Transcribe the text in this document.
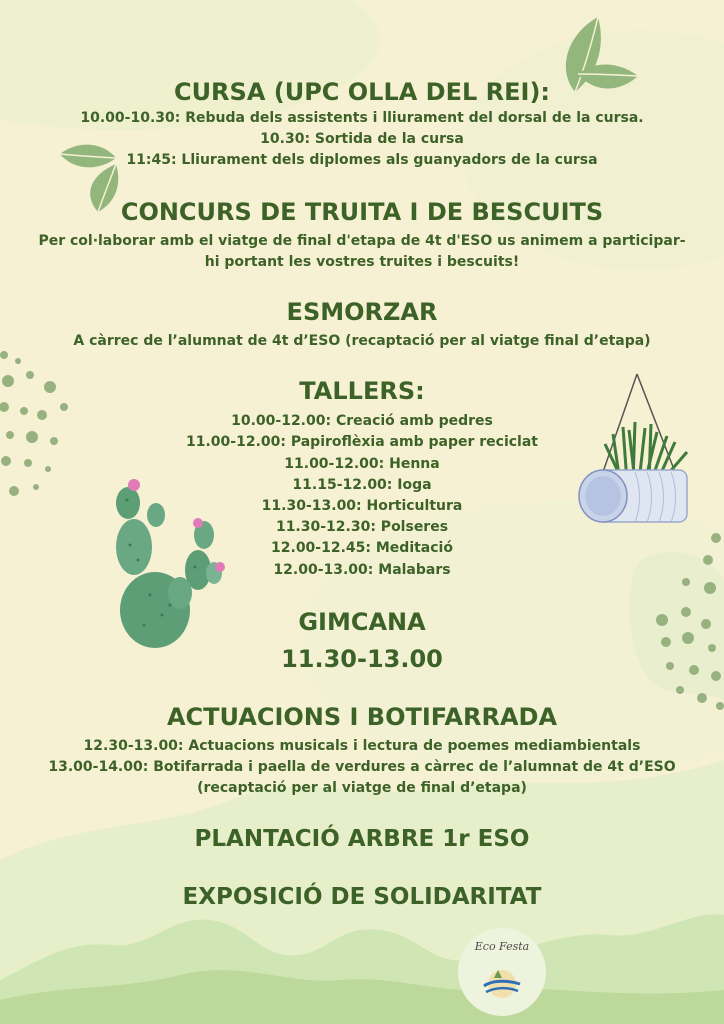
CURSA (UPC OLLA DEL REI):
10.00-10.30: Rebuda dels assistents i lliurament del dorsal de la cursa.
10.30: Sortida de la cursa
11:45: Lliurament dels diplomes als guanyadors de la cursa
CONCURS DE TRUITA I DE BESCUITS
Per col·laborar amb el viatge de final d'etapa de 4t d'ESO us animem a participar-
hi portant les vostres truites i bescuits!
ESMORZAR
A càrrec de l’alumnat de 4t d’ESO (recaptació per al viatge final d’etapa)
TALLERS:
10.00-12.00: Creació amb pedres
11.00-12.00: Papiroflèxia amb paper reciclat
11.00-12.00: Henna
11.15-12.00: Ioga
11.30-13.00: Horticultura
11.30-12.30: Polseres
12.00-12.45: Meditació
12.00-13.00: Malabars
GIMCANA
11.30-13.00
ACTUACIONS I BOTIFARRADA
12.30-13.00: Actuacions musicals i lectura de poemes mediambientals
13.00-14.00: Botifarrada i paella de verdures a càrrec de l’alumnat de 4t d’ESO
(recaptació per al viatge de final d’etapa)
PLANTACIÓ ARBRE 1r ESO
EXPOSICIÓ DE SOLIDARITAT
Eco Festa
